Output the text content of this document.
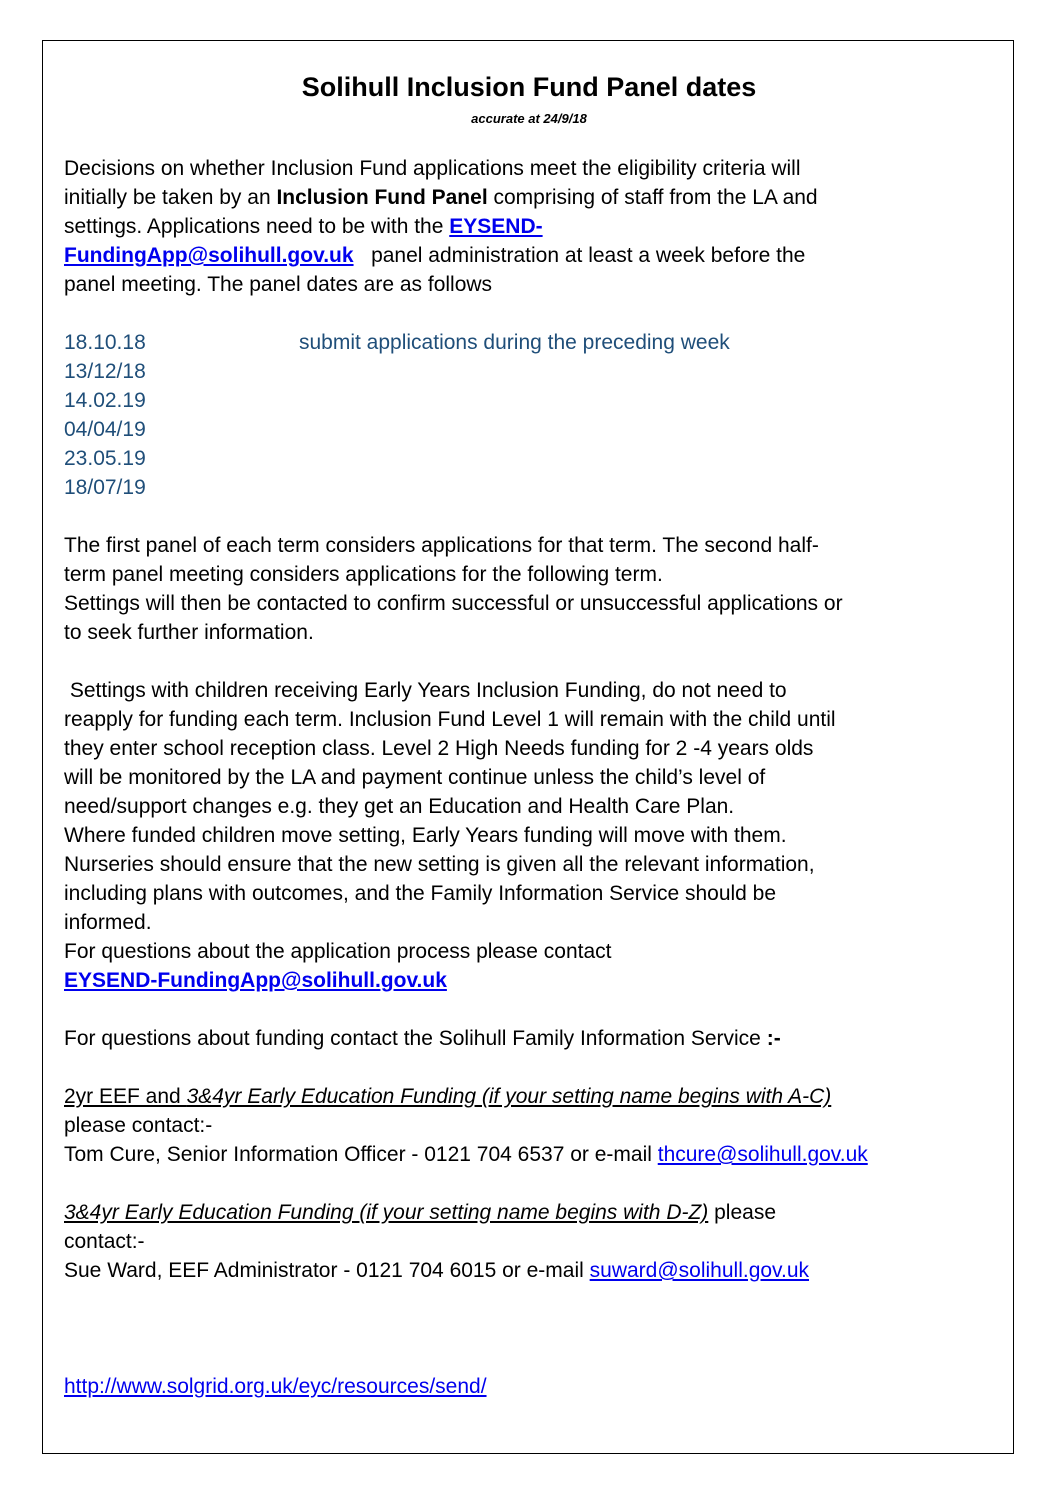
Solihull Inclusion Fund Panel dates
accurate at 24/9/18
Decisions on whether Inclusion Fund applications meet the eligibility criteria will
initially be taken by an Inclusion Fund Panel comprising of staff from the LA and
settings. Applications need to be with the EYSEND-
FundingApp@solihull.gov.uk   panel administration at least a week before the
panel meeting. The panel dates are as follows
18.10.18	submit applications during the preceding week
13/12/18
14.02.19
04/04/19
23.05.19
18/07/19
The first panel of each term considers applications for that term. The second half-
term panel meeting considers applications for the following term.
Settings will then be contacted to confirm successful or unsuccessful applications or
to seek further information.
Settings with children receiving Early Years Inclusion Funding, do not need to
reapply for funding each term. Inclusion Fund Level 1 will remain with the child until
they enter school reception class. Level 2 High Needs funding for 2 -4 years olds
will be monitored by the LA and payment continue unless the child’s level of
need/support changes e.g. they get an Education and Health Care Plan.
Where funded children move setting, Early Years funding will move with them.
Nurseries should ensure that the new setting is given all the relevant information,
including plans with outcomes, and the Family Information Service should be
informed.
For questions about the application process please contact
EYSEND-FundingApp@solihull.gov.uk
For questions about funding contact the Solihull Family Information Service :-
2yr EEF and 3&4yr Early Education Funding (if your setting name begins with A-C)
please contact:-
Tom Cure, Senior Information Officer - 0121 704 6537 or e-mail thcure@solihull.gov.uk
3&4yr Early Education Funding (if your setting name begins with D-Z) please
contact:-
Sue Ward, EEF Administrator - 0121 704 6015 or e-mail suward@solihull.gov.uk
http://www.solgrid.org.uk/eyc/resources/send/
